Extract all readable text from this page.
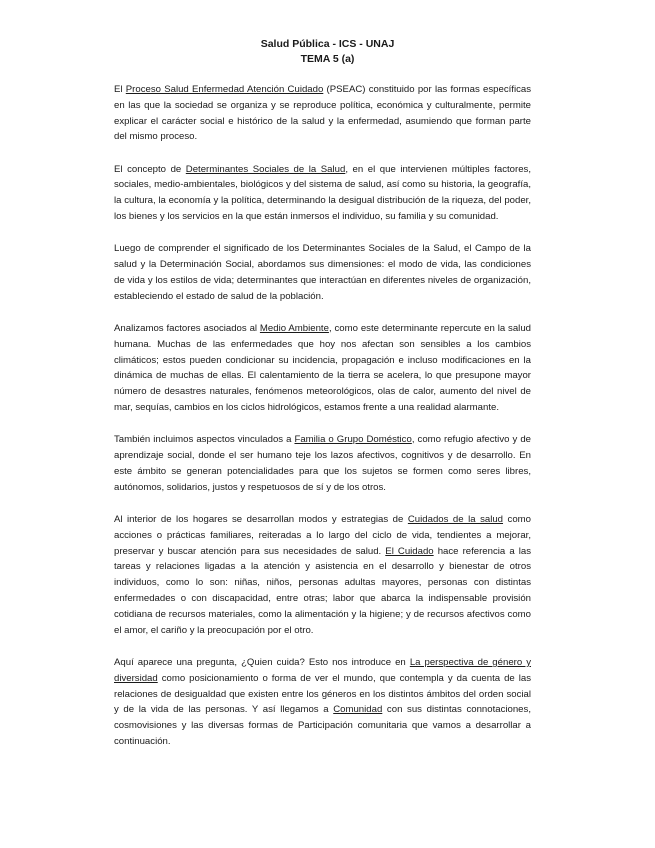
Salud Pública - ICS - UNAJ
TEMA 5 (a)

El Proceso Salud Enfermedad Atención Cuidado (PSEAC) constituido por las formas específicas en las que la sociedad se organiza y se reproduce política, económica y culturalmente, permite explicar el carácter social e histórico de la salud y la enfermedad, asumiendo que forman parte del mismo proceso.

El concepto de Determinantes Sociales de la Salud, en el que intervienen múltiples factores, sociales, medio-ambientales, biológicos y del sistema de salud, así como su historia, la geografía, la cultura, la economía y la política, determinando la desigual distribución de la riqueza, del poder, los bienes y los servicios en la que están inmersos el individuo, su familia y su comunidad.

Luego de comprender el significado de los Determinantes Sociales de la Salud, el Campo de la salud y la Determinación Social, abordamos sus dimensiones: el modo de vida, las condiciones de vida y los estilos de vida; determinantes que interactúan en diferentes niveles de organización, estableciendo el estado de salud de la población.

Analizamos factores asociados al Medio Ambiente, como este determinante repercute en la salud humana. Muchas de las enfermedades que hoy nos afectan son sensibles a los cambios climáticos; estos pueden condicionar su incidencia, propagación e incluso modificaciones en la dinámica de muchas de ellas. El calentamiento de la tierra se acelera, lo que presupone mayor número de desastres naturales, fenómenos meteorológicos, olas de calor, aumento del nivel de mar, sequías, cambios en los ciclos hidrológicos, estamos frente a una realidad alarmante.

También incluimos aspectos vinculados a Familia o Grupo Doméstico, como refugio afectivo y de aprendizaje social, donde el ser humano teje los lazos afectivos, cognitivos y de desarrollo. En este ámbito se generan potencialidades para que los sujetos se formen como seres libres, autónomos, solidarios, justos y respetuosos de sí y de los otros.

Al interior de los hogares se desarrollan modos y estrategias de Cuidados de la salud como acciones o prácticas familiares, reiteradas a lo largo del ciclo de vida, tendientes a mejorar, preservar y buscar atención para sus necesidades de salud. El Cuidado hace referencia a las tareas y relaciones ligadas a la atención y asistencia en el desarrollo y bienestar de otros individuos, como lo son: niñas, niños, personas adultas mayores, personas con distintas enfermedades o con discapacidad, entre otras; labor que abarca la indispensable provisión cotidiana de recursos materiales, como la alimentación y la higiene; y de recursos afectivos como el amor, el cariño y la preocupación por el otro.

Aquí aparece una pregunta, ¿Quien cuida? Esto nos introduce en La perspectiva de género y diversidad como posicionamiento o forma de ver el mundo, que contempla y da cuenta de las relaciones de desigualdad que existen entre los géneros en los distintos ámbitos del orden social y de la vida de las personas. Y así llegamos a Comunidad con sus distintas connotaciones, cosmovisiones y las diversas formas de Participación comunitaria que vamos a desarrollar a continuación.
